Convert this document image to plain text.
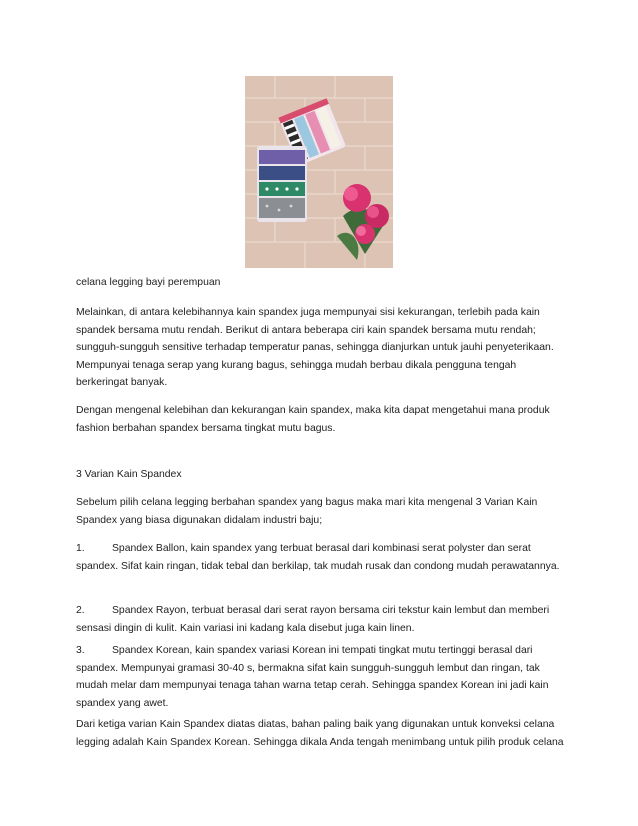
celana legging bayi perempuan

Melainkan, di antara kelebihannya kain spandex juga mempunyai sisi kekurangan, terlebih pada kain spandek bersama mutu rendah. Berikut di antara beberapa ciri kain spandek bersama mutu rendah; sungguh-sungguh sensitive terhadap temperatur panas, sehingga dianjurkan untuk jauhi penyeterikaan. Mempunyai tenaga serap yang kurang bagus, sehingga mudah berbau dikala pengguna tengah berkeringat banyak.

Dengan mengenal kelebihan dan kekurangan kain spandex, maka kita dapat mengetahui mana produk fashion berbahan spandex bersama tingkat mutu bagus.

3 Varian Kain Spandex

Sebelum pilih celana legging berbahan spandex yang bagus maka mari kita mengenal 3 Varian Kain Spandex yang biasa digunakan didalam industri baju;

1.	Spandex Ballon, kain spandex yang terbuat berasal dari kombinasi serat polyster dan serat spandex. Sifat kain ringan, tidak tebal dan berkilap, tak mudah rusak dan condong mudah perawatannya.

2.	Spandex Rayon, terbuat berasal dari serat rayon bersama ciri tekstur kain lembut dan memberi sensasi dingin di kulit. Kain variasi ini kadang kala disebut juga kain linen.

3.	Spandex Korean, kain spandex variasi Korean ini tempati tingkat mutu tertinggi berasal dari spandex. Mempunyai gramasi 30-40 s, bermakna sifat kain sungguh-sungguh lembut dan ringan, tak mudah melar dam mempunyai tenaga tahan warna tetap cerah. Sehingga spandex Korean ini jadi kain spandex yang awet.

Dari ketiga varian Kain Spandex diatas diatas, bahan paling baik yang digunakan untuk konveksi celana legging adalah Kain Spandex Korean. Sehingga dikala Anda tengah menimbang untuk pilih produk celana
